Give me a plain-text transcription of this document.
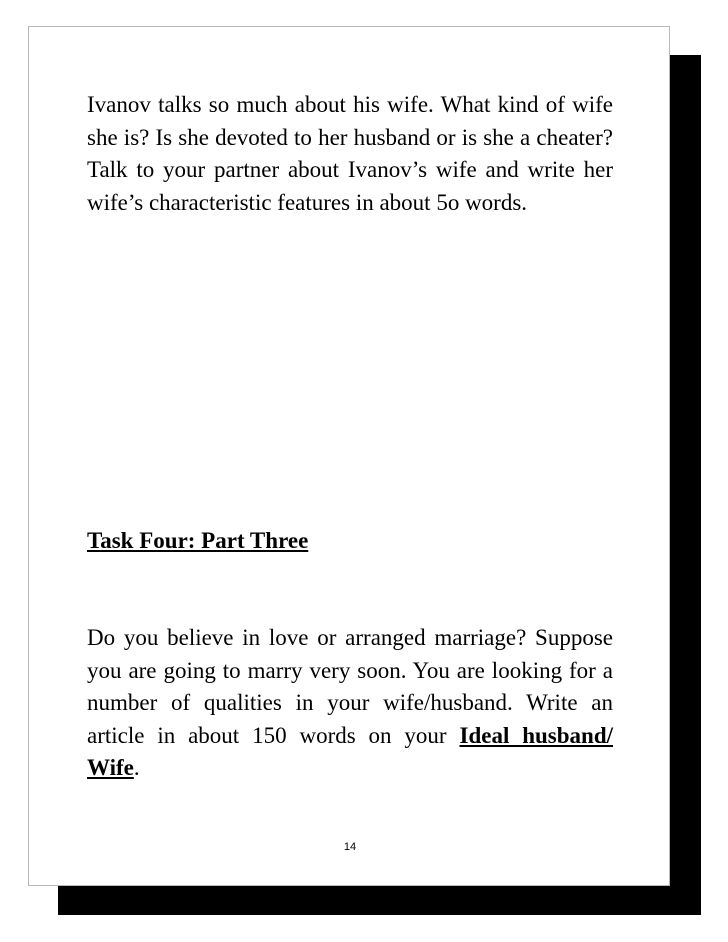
Ivanov talks so much about his wife. What kind of wife she is? Is she devoted to her husband or is she a cheater? Talk to your partner about Ivanov’s wife and write her wife’s characteristic features in about 5o words.

Task Four: Part Three

Do you believe in love or arranged marriage? Suppose you are going to marry very soon. You are looking for a number of qualities in your wife/husband. Write an article in about 150 words on your Ideal husband/ Wife.

14
